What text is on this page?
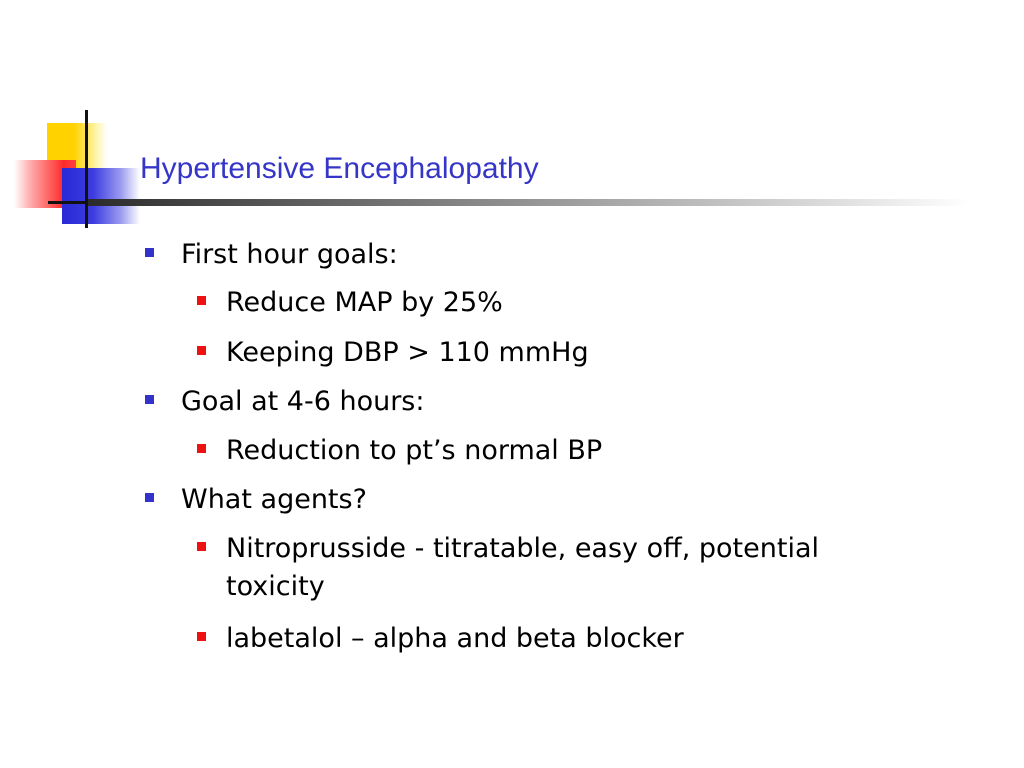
Hypertensive Encephalopathy
First hour goals:
Reduce MAP by 25%
Keeping DBP > 110 mmHg
Goal at 4-6 hours:
Reduction to pt’s normal BP
What agents?
Nitroprusside - titratable, easy off, potential toxicity
labetalol – alpha and beta blocker
